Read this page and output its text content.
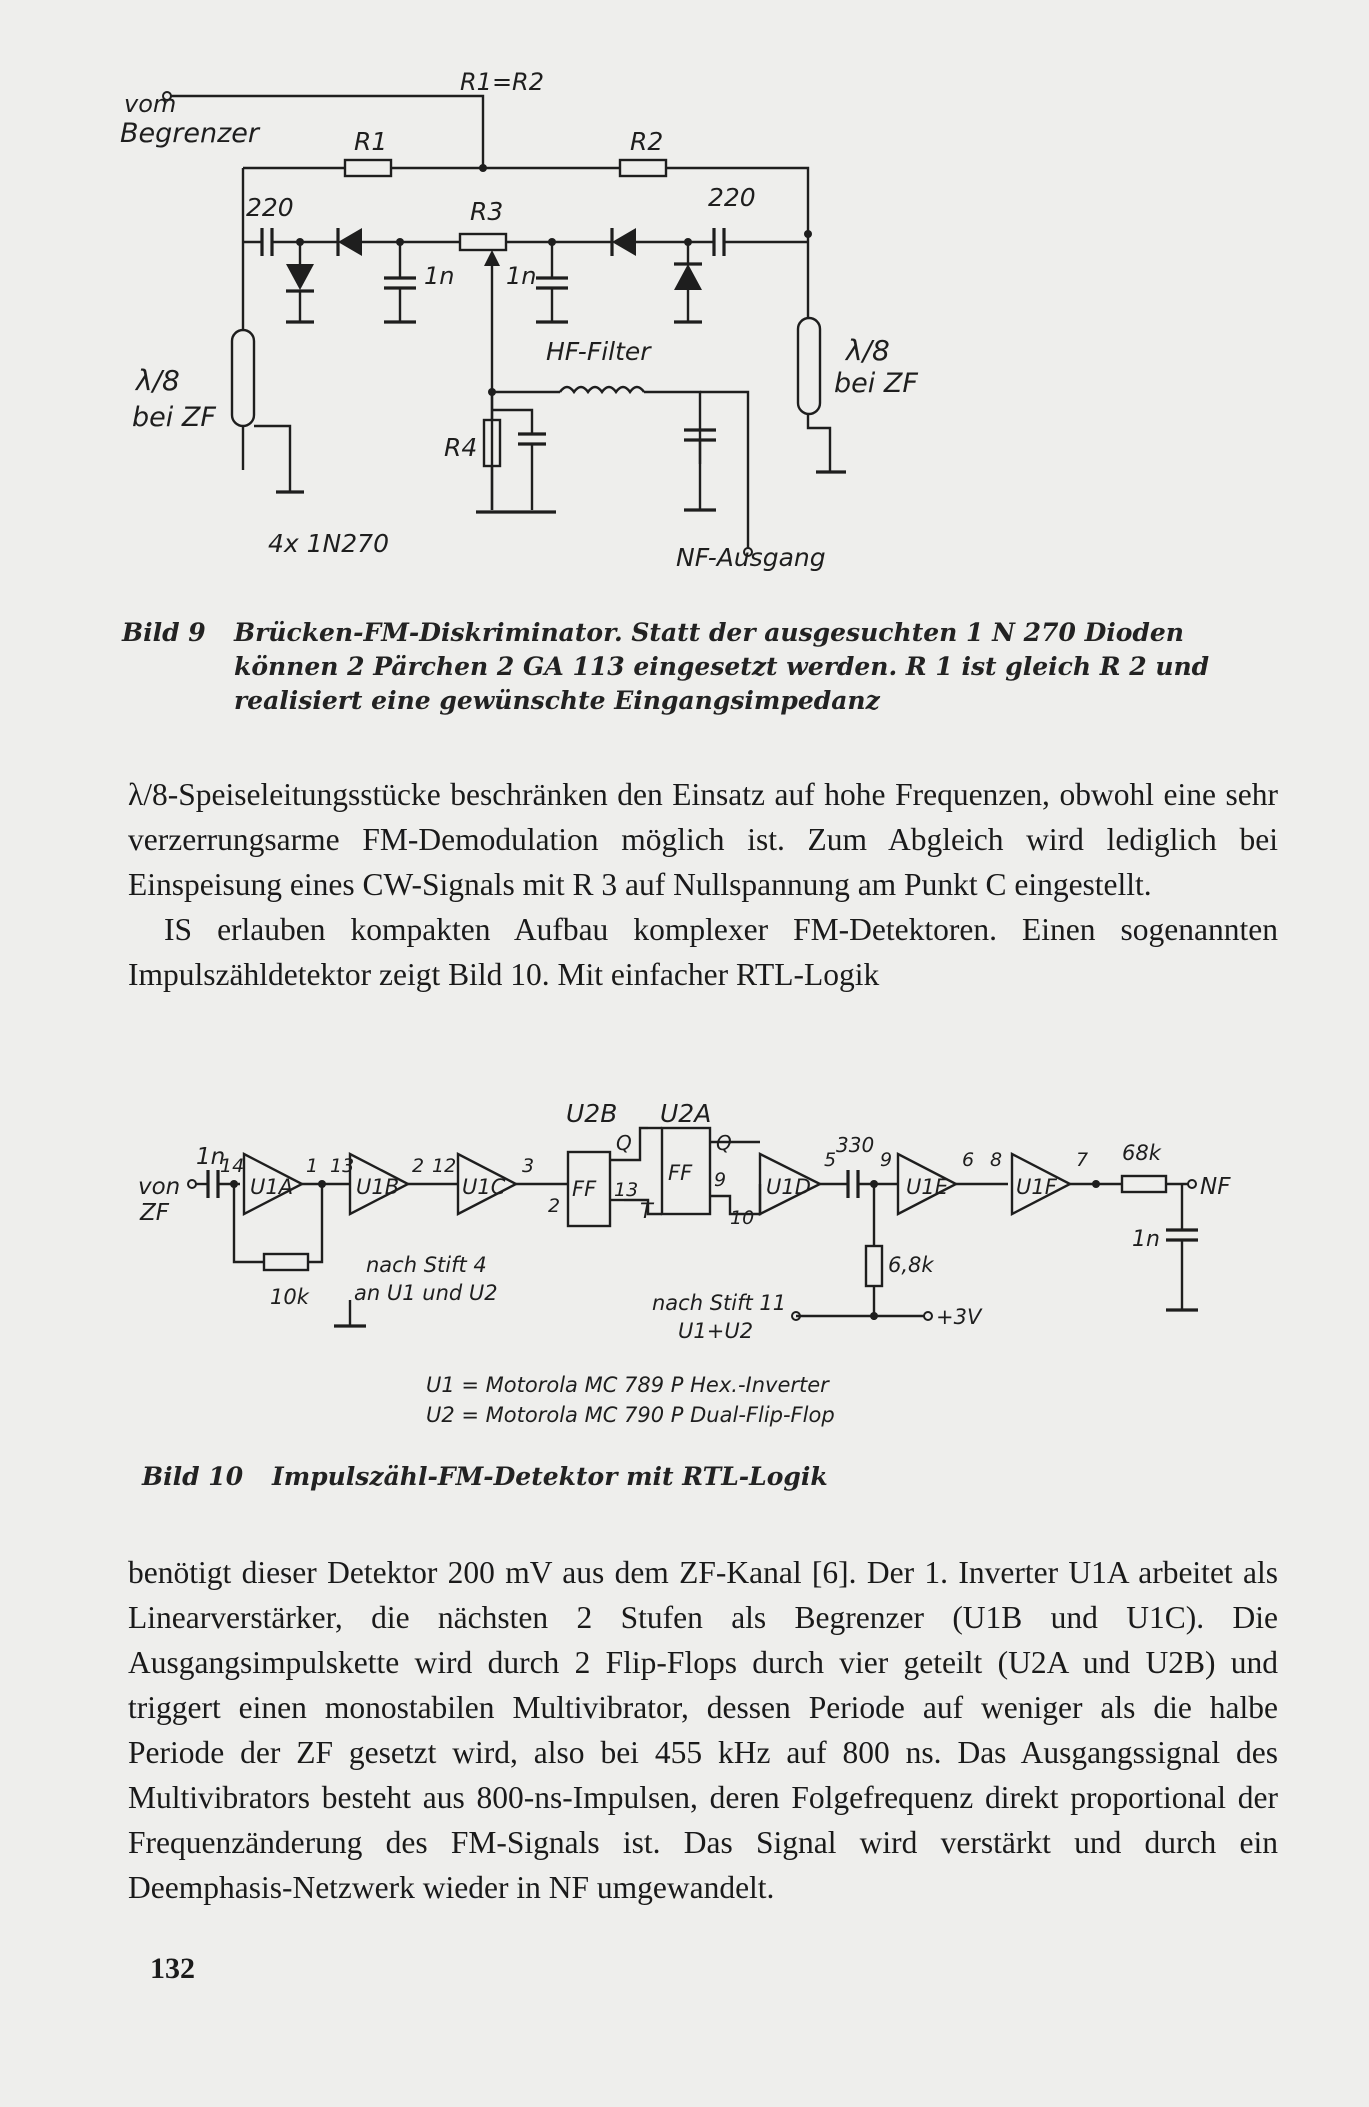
R1=R2
vom
Begrenzer	R1	R2
220	220
R3
1n 1n
λ/8
bei ZF
λ/8
bei ZF
HF-Filter
R4
4x 1N270	NF-Ausgang
Bild 9 Brücken-FM-Diskriminator. Statt der ausgesuchten 1 N 270 Dioden können 2 Pärchen 2 GA 113 eingesetzt werden. R 1 ist gleich R 2 und realisiert eine gewünschte Eingangsimpedanz

λ/8-Speiseleitungsstücke beschränken den Einsatz auf hohe Frequenzen, obwohl eine sehr verzerrungsarme FM-Demodulation möglich ist. Zum Abgleich wird lediglich bei Einspeisung eines CW-Signals mit R 3 auf Nullspannung am Punkt C eingestellt.

IS erlauben kompakten Aufbau komplexer FM-Detektoren. Einen sogenannten Impulszähldetektor zeigt Bild 10. Mit einfacher RTL-Logik

U2B U2A
1n
von
ZF
U1A	U1B	U1C	U1D	U1E	U1F
FF
FF
Q	Q
T
14	1 13	2 12	3
2
13	9
10
5
330
9	6 8	7 68k
NF
1n
10k
nach Stift 4
an U1 und U2
6,8k
nach Stift 11
U1+U2
+3V
U1 = Motorola MC 789 P Hex.-Inverter
U2 = Motorola MC 790 P Dual-Flip-Flop
Bild 10 Impulszähl-FM-Detektor mit RTL-Logik

benötigt dieser Detektor 200 mV aus dem ZF-Kanal [6]. Der 1. Inverter U1A arbeitet als Linearverstärker, die nächsten 2 Stufen als Begrenzer (U1B und U1C). Die Ausgangsimpulskette wird durch 2 Flip-Flops durch vier geteilt (U2A und U2B) und triggert einen monostabilen Multivibrator, dessen Periode auf weniger als die halbe Periode der ZF gesetzt wird, also bei 455 kHz auf 800 ns. Das Ausgangssignal des Multivibrators besteht aus 800-ns-Impulsen, deren Folgefrequenz direkt proportional der Frequenzänderung des FM-Signals ist. Das Signal wird verstärkt und durch ein Deemphasis-Netzwerk wieder in NF umgewandelt.

132
